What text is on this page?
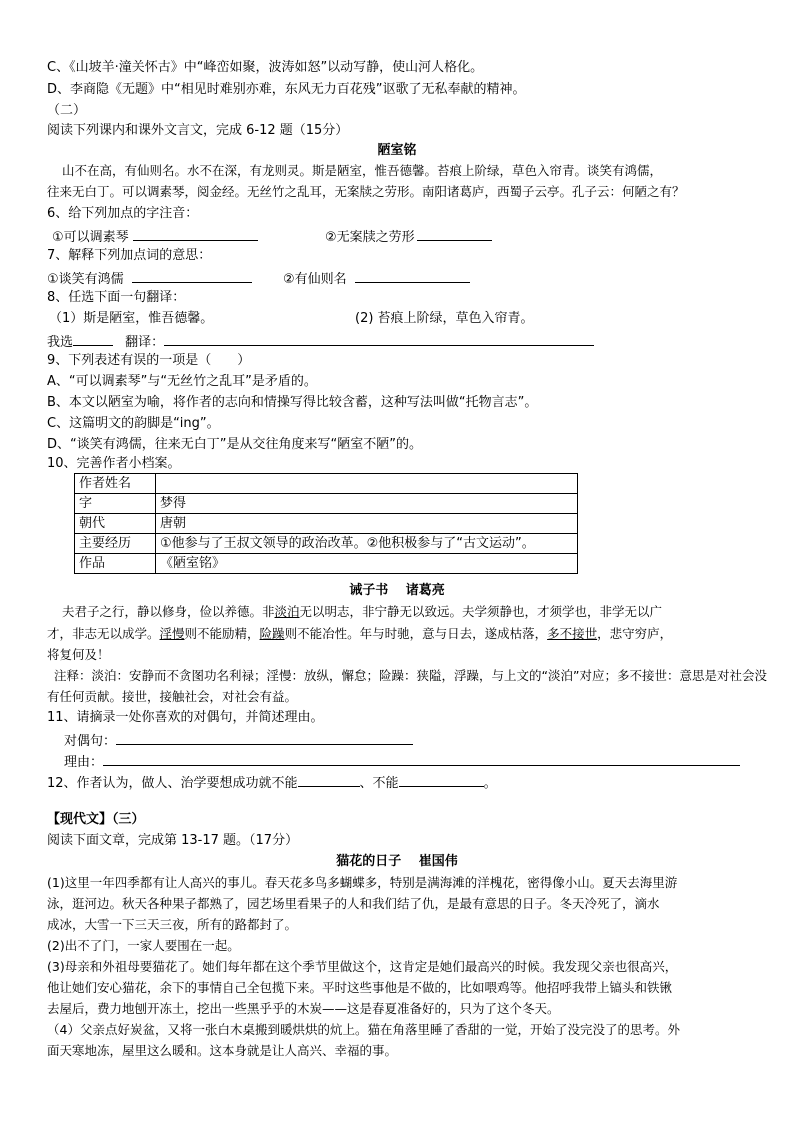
C、《山坡羊·潼关怀古》中“峰峦如聚，波涛如怒”以动写静，使山河人格化。
D、李商隐《无题》中“相见时难别亦难，东风无力百花残”讴歌了无私奉献的精神。
（二）
阅读下列课内和课外文言文，完成 6-12 题（15分）
陋室铭
山不在高，有仙则名。水不在深，有龙则灵。斯是陋室，惟吾德馨。苔痕上阶绿，草色入帘青。谈笑有鸿儒，
往来无白丁。可以调素琴，阅金经。无丝竹之乱耳，无案牍之劳形。南阳诸葛庐，西蜀子云亭。孔子云：何陋之有？
6、给下列加点的字注音：
①可以调素琴	②无案牍之劳形
7、解释下列加点词的意思：
①谈笑有鸿儒	②有仙则名
8、任选下面一句翻译：
（1）斯是陋室，惟吾德馨。	(2) 苔痕上阶绿，草色入帘青。
我选	翻译：
9、下列表述有误的一项是（　　）
A、“可以调素琴”与“无丝竹之乱耳”是矛盾的。
B、本文以陋室为喻，将作者的志向和情操写得比较含蓄，这种写法叫做“托物言志”。
C、这篇明文的韵脚是“ing”。
D、“谈笑有鸿儒，往来无白丁”是从交往角度来写“陋室不陋”的。
10、完善作者小档案。
作者姓名	
字	梦得
朝代	唐朝
主要经历	①他参与了王叔文领导的政治改革。②他积极参与了“古文运动”。
作品	《陋室铭》
诫子书　 诸葛亮
夫君子之行，静以修身，俭以养德。非淡泊无以明志，非宁静无以致远。夫学须静也，才须学也，非学无以广
才，非志无以成学。淫慢则不能励精，险躁则不能冶性。年与时驰，意与日去，遂成枯落，多不接世，悲守穷庐，
将复何及！
注释：淡泊：安静而不贪图功名利禄；淫慢：放纵，懈怠；险躁：狭隘，浮躁，与上文的“淡泊”对应；多不接世：意思是对社会没
有任何贡献。接世，接触社会，对社会有益。
11、请摘录一处你喜欢的对偶句，并简述理由。
对偶句：
理由：
12、作者认为，做人、治学要想成功就不能	、不能	。
【现代文】（三）
阅读下面文章，完成第 13-17 题。（17分）
猫花的日子　 崔国伟
(1)这里一年四季都有让人高兴的事儿。春天花多鸟多蝴蝶多，特别是满海滩的洋槐花，密得像小山。夏天去海里游
泳，逛河边。秋天各种果子都熟了，园艺场里看果子的人和我们结了仇，是最有意思的日子。冬天冷死了，滴水
成冰，大雪一下三天三夜，所有的路都封了。
(2)出不了门，一家人要围在一起。
(3)母亲和外祖母要猫花了。她们每年都在这个季节里做这个，这肯定是她们最高兴的时候。我发现父亲也很高兴，
他让她们安心猫花，余下的事情自己全包揽下来。平时这些事他是不做的，比如喂鸡等。他招呼我带上镐头和铁锹
去屋后，费力地刨开冻土，挖出一些黑乎乎的木炭——这是春夏准备好的，只为了这个冬天。
（4）父亲点好炭盆，又将一张白木桌搬到暖烘烘的炕上。猫在角落里睡了香甜的一觉，开始了没完没了的思考。外
面天寒地冻，屋里这么暖和。这本身就是让人高兴、幸福的事。
